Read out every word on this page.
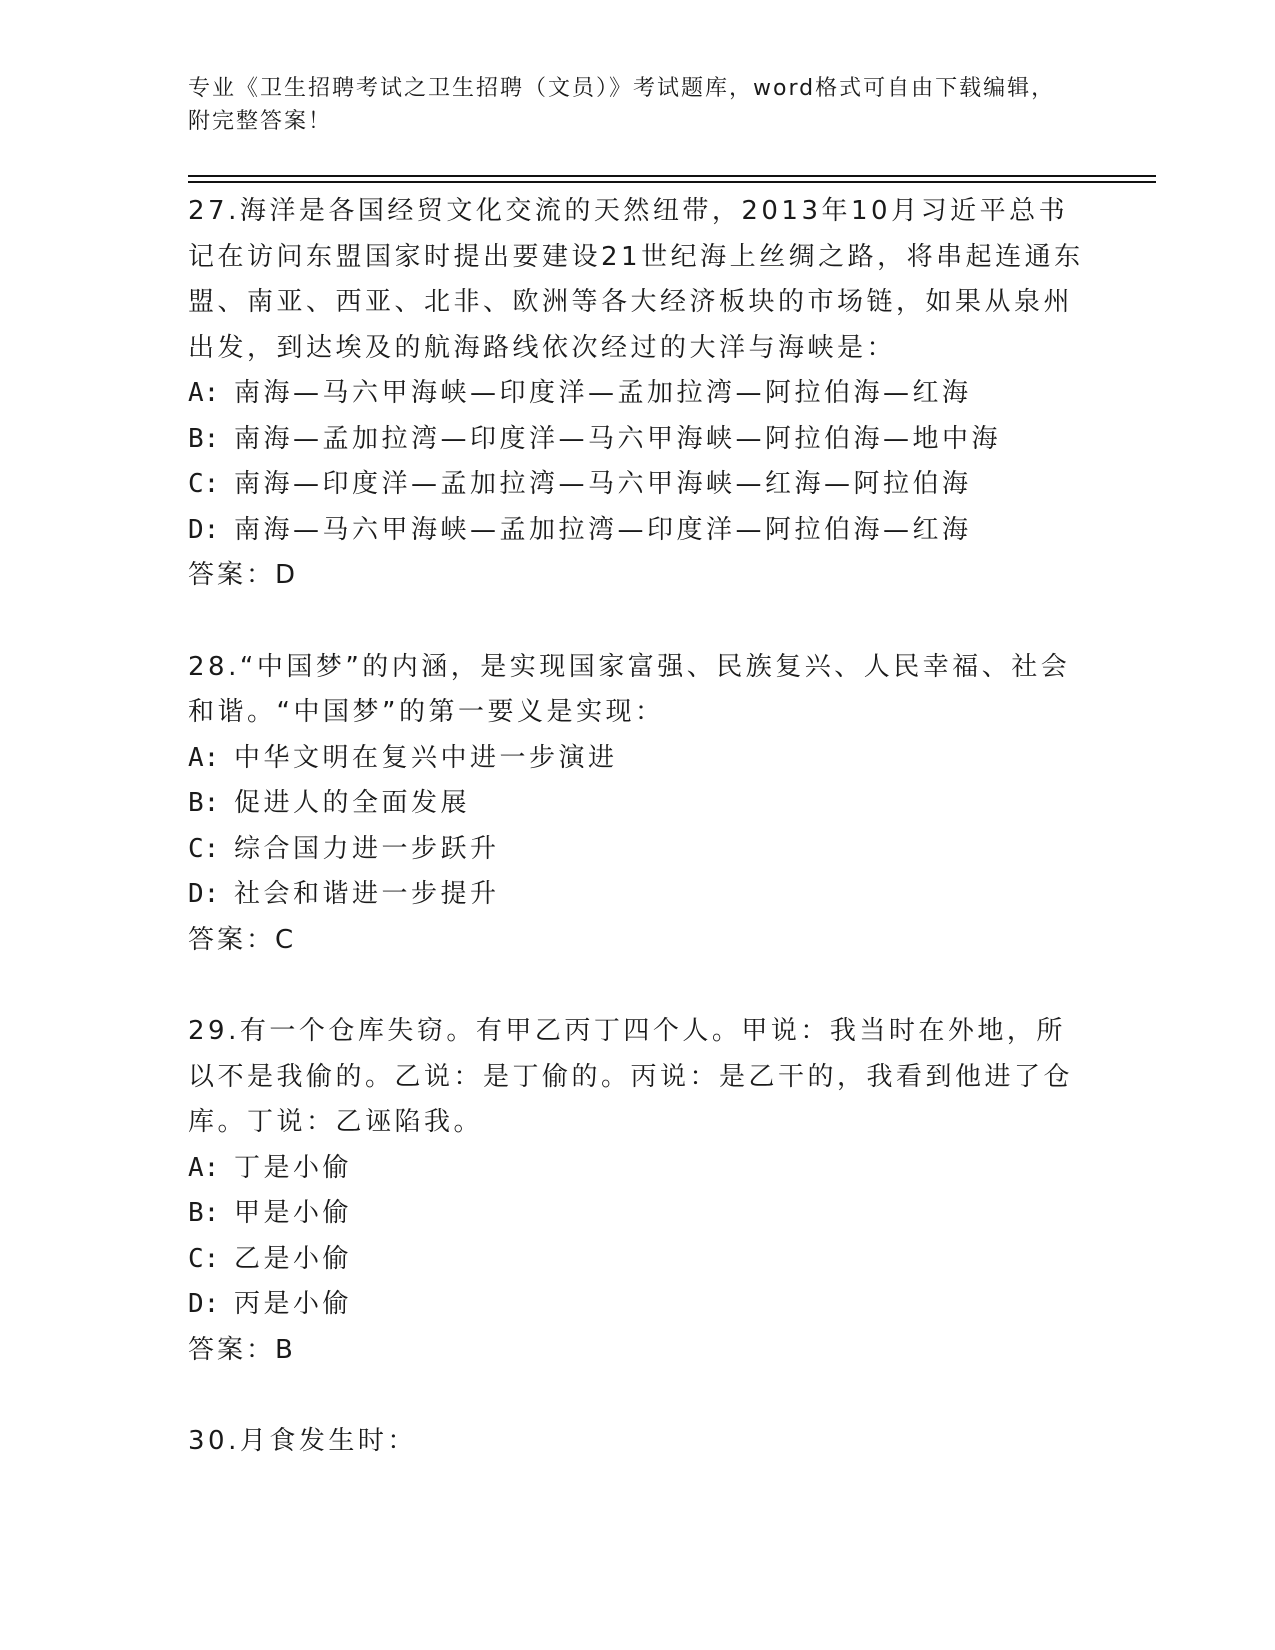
专业《卫生招聘考试之卫生招聘（文员）》考试题库，word格式可自由下载编辑，附完整答案！

27.海洋是各国经贸文化交流的天然纽带，2013年10月习近平总书记在访问东盟国家时提出要建设21世纪海上丝绸之路，将串起连通东盟、南亚、西亚、北非、欧洲等各大经济板块的市场链，如果从泉州出发，到达埃及的航海路线依次经过的大洋与海峡是：

A: 南海—马六甲海峡—印度洋—孟加拉湾—阿拉伯海—红海
B: 南海—孟加拉湾—印度洋—马六甲海峡—阿拉伯海—地中海
C: 南海—印度洋—孟加拉湾—马六甲海峡—红海—阿拉伯海
D: 南海—马六甲海峡—孟加拉湾—印度洋—阿拉伯海—红海

答案：D

28.“中国梦”的内涵，是实现国家富强、民族复兴、人民幸福、社会和谐。“中国梦”的第一要义是实现：

A: 中华文明在复兴中进一步演进
B: 促进人的全面发展
C: 综合国力进一步跃升
D: 社会和谐进一步提升

答案：C

29.有一个仓库失窃。有甲乙丙丁四个人。甲说：我当时在外地，所以不是我偷的。乙说：是丁偷的。丙说：是乙干的，我看到他进了仓库。丁说：乙诬陷我。

A: 丁是小偷
B: 甲是小偷
C: 乙是小偷
D: 丙是小偷

答案：B

30.月食发生时：
